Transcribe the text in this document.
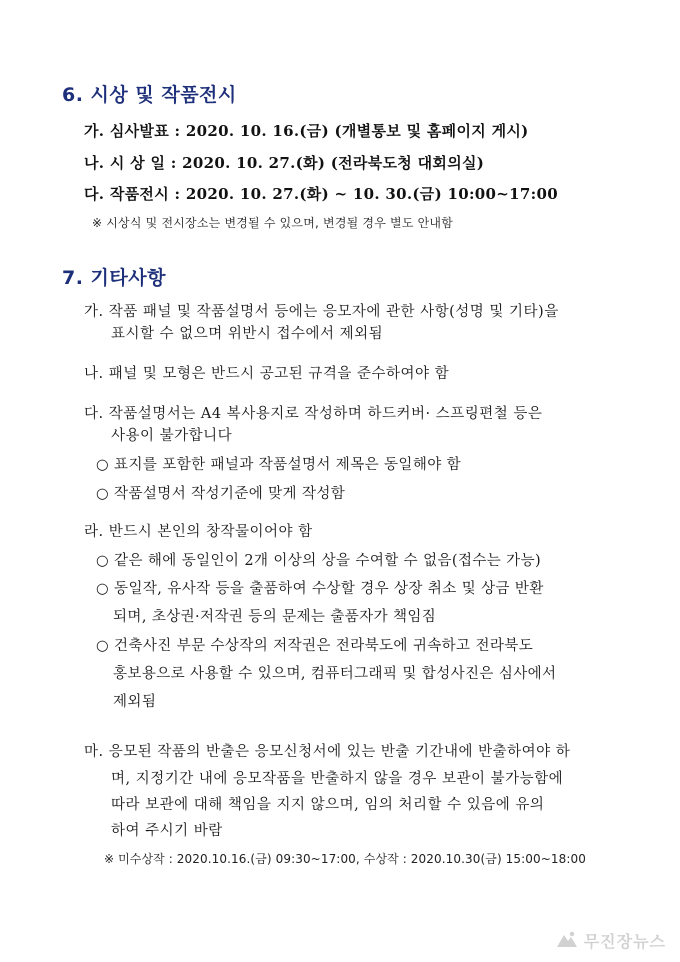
6. 시상 및 작품전시
가. 심사발표 : 2020. 10. 16.(금) (개별통보 및 홈페이지 게시)
나. 시 상 일 : 2020. 10. 27.(화) (전라북도청 대회의실)
다. 작품전시 : 2020. 10. 27.(화) ~ 10. 30.(금) 10:00~17:00
※ 시상식 및 전시장소는 변경될 수 있으며, 변경될 경우 별도 안내함
7. 기타사항
가. 작품 패널 및 작품설명서 등에는 응모자에 관한 사항(성명 및 기타)을
표시할 수 없으며 위반시 접수에서 제외됨
나. 패널 및 모형은 반드시 공고된 규격을 준수하여야 함
다. 작품설명서는 A4 복사용지로 작성하며 하드커버· 스프링편철 등은
사용이 불가합니다
○ 표지를 포함한 패널과 작품설명서 제목은 동일해야 함
○ 작품설명서 작성기준에 맞게 작성함
라. 반드시 본인의 창작물이어야 함
○ 같은 해에 동일인이 2개 이상의 상을 수여할 수 없음(접수는 가능)
○ 동일작, 유사작 등을 출품하여 수상할 경우 상장 취소 및 상금 반환
되며, 초상권·저작권 등의 문제는 출품자가 책임짐
○ 건축사진 부문 수상작의 저작권은 전라북도에 귀속하고 전라북도
홍보용으로 사용할 수 있으며, 컴퓨터그래픽 및 합성사진은 심사에서
제외됨
마. 응모된 작품의 반출은 응모신청서에 있는 반출 기간내에 반출하여야 하
며, 지정기간 내에 응모작품을 반출하지 않을 경우 보관이 불가능함에
따라 보관에 대해 책임을 지지 않으며, 임의 처리할 수 있음에 유의
하여 주시기 바람
※ 미수상작 : 2020.10.16.(금) 09:30~17:00, 수상작 : 2020.10.30(금) 15:00~18:00
무진장뉴스
